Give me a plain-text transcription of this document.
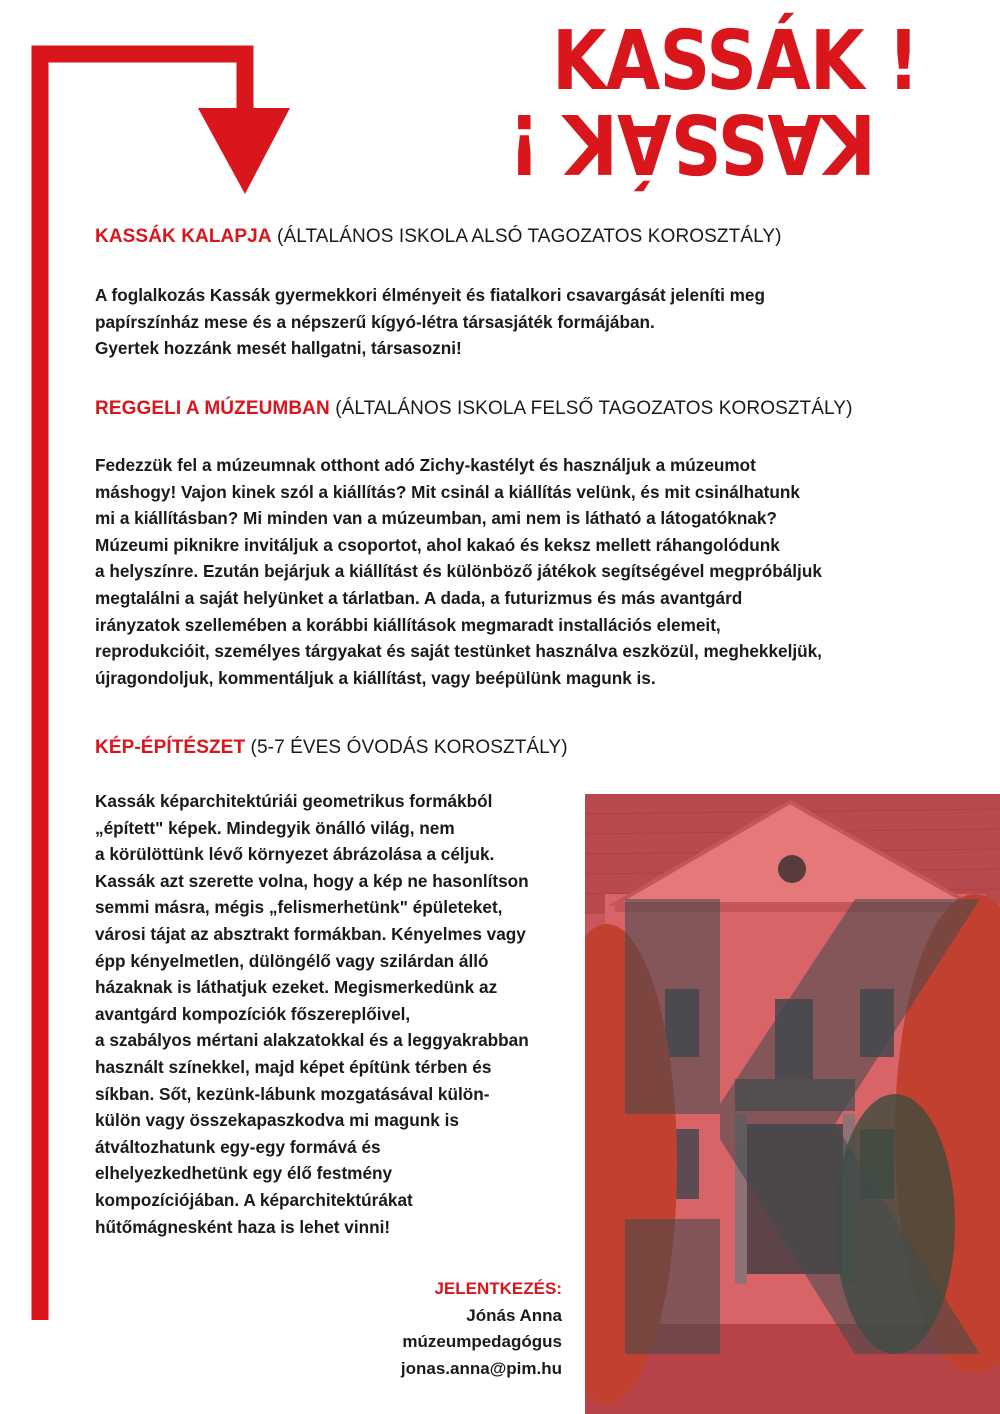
KASSÁK !
KASSÁK !
KASSÁK KALAPJA (ÁLTALÁNOS ISKOLA ALSÓ TAGOZATOS KOROSZTÁLY)

A foglalkozás Kassák gyermekkori élményeit és fiatalkori csavargását jeleníti meg

papírszínház mese és a népszerű kígyó-létra társasjáték formájában.

Gyertek hozzánk mesét hallgatni, társasozni!

REGGELI A MÚZEUMBAN (ÁLTALÁNOS ISKOLA FELSŐ TAGOZATOS KOROSZTÁLY)

Fedezzük fel a múzeumnak otthont adó Zichy-kastélyt és használjuk a múzeumot

máshogy! Vajon kinek szól a kiállítás? Mit csinál a kiállítás velünk, és mit csinálhatunk

mi a kiállításban? Mi minden van a múzeumban, ami nem is látható a látogatóknak?

Múzeumi piknikre invitáljuk a csoportot, ahol kakaó és keksz mellett ráhangolódunk

a helyszínre. Ezután bejárjuk a kiállítást és különböző játékok segítségével megpróbáljuk

megtalálni a saját helyünket a tárlatban. A dada, a futurizmus és más avantgárd

irányzatok szellemében a korábbi kiállítások megmaradt installációs elemeit,

reprodukcióit, személyes tárgyakat és saját testünket használva eszközül, meghekkeljük,

újragondoljuk, kommentáljuk a kiállítást, vagy beépülünk magunk is.

KÉP-ÉPÍTÉSZET (5-7 ÉVES ÓVODÁS KOROSZTÁLY)

Kassák képarchitektúriái geometrikus formákból

„épített" képek. Mindegyik önálló világ, nem

a körülöttünk lévő környezet ábrázolása a céljuk.

Kassák azt szerette volna, hogy a kép ne hasonlítson

semmi másra, mégis „felismerhetünk" épületeket,

városi tájat az absztrakt formákban. Kényelmes vagy

épp kényelmetlen, dülöngélő vagy szilárdan álló

házaknak is láthatjuk ezeket. Megismerkedünk az

avantgárd kompozíciók főszereplőivel,

a szabályos mértani alakzatokkal és a leggyakrabban

használt színekkel, majd képet építünk térben és

síkban. Sőt, kezünk-lábunk mozgatásával külön-

külön vagy összekapaszkodva mi magunk is

átváltozhatunk egy-egy formává és

elhelyezkedhetünk egy élő festmény

kompozíciójában. A képarchitektúrákat

hűtőmágnesként haza is lehet vinni!

JELENTKEZÉS:
Jónás Anna
múzeumpedagógus
jonas.anna@pim.hu
